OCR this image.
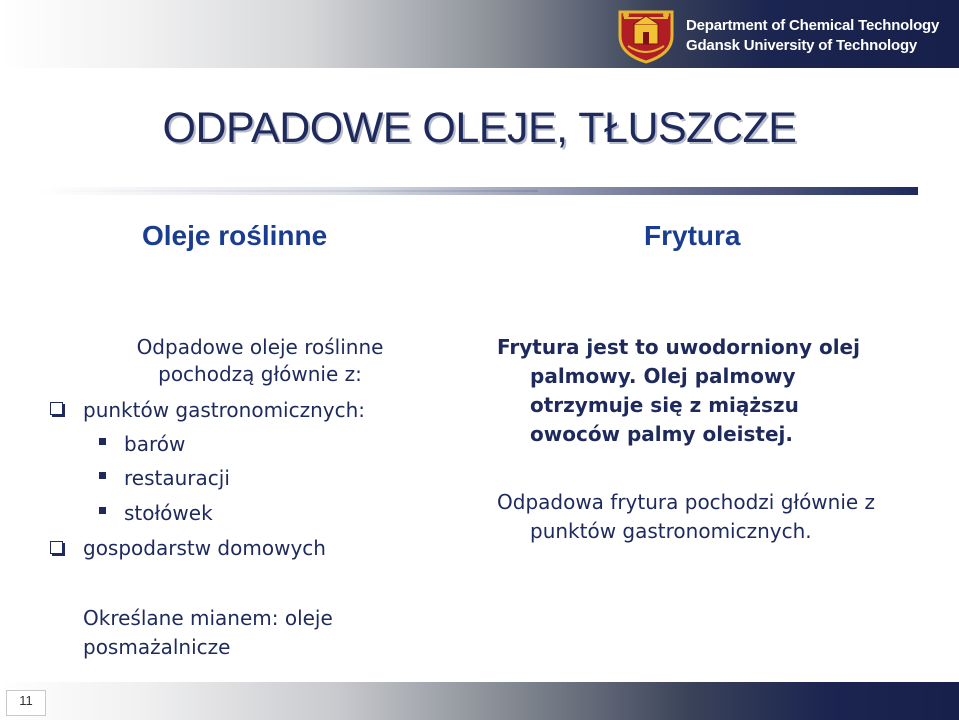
Department of Chemical Technology
Gdansk University of Technology
ODPADOWE OLEJE, TŁUSZCZE
Oleje roślinne	Frytura
Odpadowe oleje roślinne
pochodzą głównie z:
punktów gastronomicznych:
barów
restauracji
stołówek
gospodarstw domowych
Frytura jest to uwodorniony olej
palmowy. Olej palmowy
otrzymuje się z miąższu
owoców palmy oleistej.
Odpadowa frytura pochodzi głównie z
punktów gastronomicznych.
Określane mianem: oleje
posmażalnicze
11
